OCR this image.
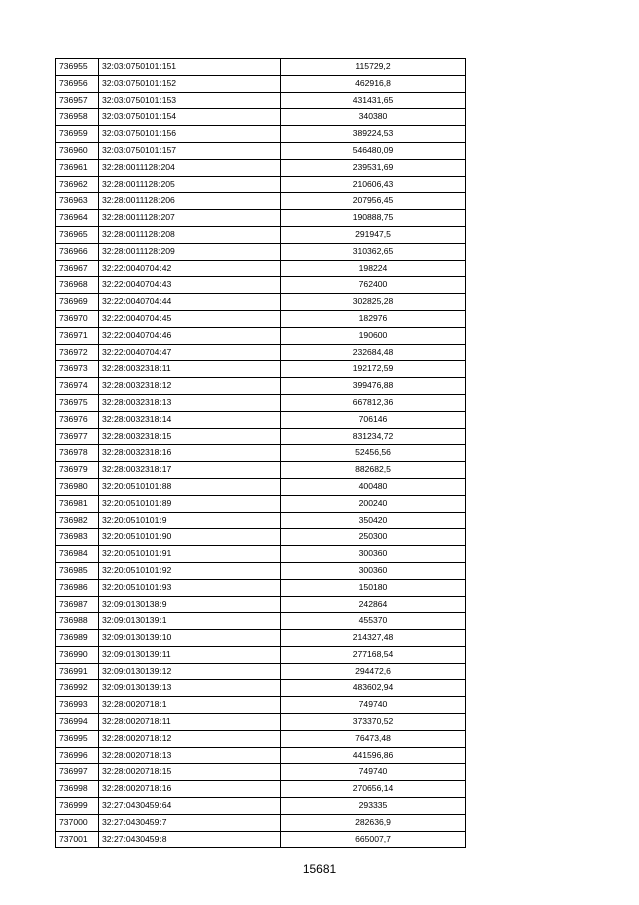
736955	32:03:0750101:151	115729,2
736956	32:03:0750101:152	462916,8
736957	32:03:0750101:153	431431,65
736958	32:03:0750101:154	340380
736959	32:03:0750101:156	389224,53
736960	32:03:0750101:157	546480,09
736961	32:28:0011128:204	239531,69
736962	32:28:0011128:205	210606,43
736963	32:28:0011128:206	207956,45
736964	32:28:0011128:207	190888,75
736965	32:28:0011128:208	291947,5
736966	32:28:0011128:209	310362,65
736967	32:22:0040704:42	198224
736968	32:22:0040704:43	762400
736969	32:22:0040704:44	302825,28
736970	32:22:0040704:45	182976
736971	32:22:0040704:46	190600
736972	32:22:0040704:47	232684,48
736973	32:28:0032318:11	192172,59
736974	32:28:0032318:12	399476,88
736975	32:28:0032318:13	667812,36
736976	32:28:0032318:14	706146
736977	32:28:0032318:15	831234,72
736978	32:28:0032318:16	52456,56
736979	32:28:0032318:17	882682,5
736980	32:20:0510101:88	400480
736981	32:20:0510101:89	200240
736982	32:20:0510101:9	350420
736983	32:20:0510101:90	250300
736984	32:20:0510101:91	300360
736985	32:20:0510101:92	300360
736986	32:20:0510101:93	150180
736987	32:09:0130138:9	242864
736988	32:09:0130139:1	455370
736989	32:09:0130139:10	214327,48
736990	32:09:0130139:11	277168,54
736991	32:09:0130139:12	294472,6
736992	32:09:0130139:13	483602,94
736993	32:28:0020718:1	749740
736994	32:28:0020718:11	373370,52
736995	32:28:0020718:12	76473,48
736996	32:28:0020718:13	441596,86
736997	32:28:0020718:15	749740
736998	32:28:0020718:16	270656,14
736999	32:27:0430459:64	293335
737000	32:27:0430459:7	282636,9
737001	32:27:0430459:8	665007,7
15681
